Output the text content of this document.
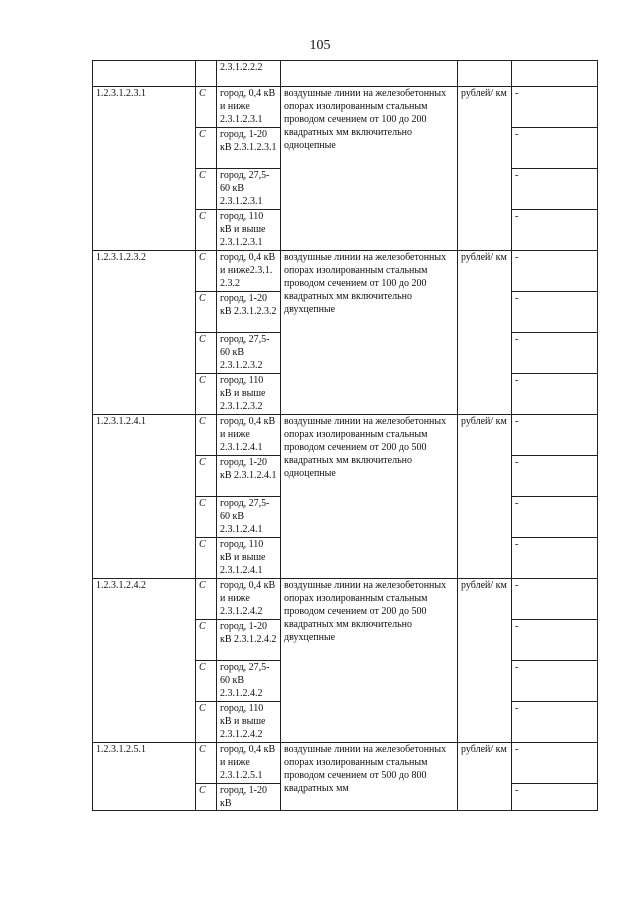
105
		2.3.1.2.2.2			
1.2.3.1.2.3.1	С	город, 0,4 кВ и ниже 2.3.1.2.3.1	воздушные линии на железобетонных опорах изолированным стальным проводом сечением от 100 до 200 квадратных мм включительно одноцепные	рублей/ км	-
	С	город, 1-20 кВ 2.3.1.2.3.1			-
	С	город, 27,5-60 кВ 2.3.1.2.3.1			-
	С	город, 110 кВ и выше 2.3.1.2.3.1			-
1.2.3.1.2.3.2	С	город, 0,4 кВ и ниже2.3.1. 2.3.2	воздушные линии на железобетонных опорах изолированным стальным проводом сечением от 100 до 200 квадратных мм включительно двухцепные	рублей/ км	-
	С	город, 1-20 кВ 2.3.1.2.3.2			-
	С	город, 27,5-60 кВ 2.3.1.2.3.2			-
	С	город, 110 кВ и выше 2.3.1.2.3.2			-
1.2.3.1.2.4.1	С	город, 0,4 кВ и ниже 2.3.1.2.4.1	воздушные линии на железобетонных опорах изолированным стальным проводом сечением от 200 до 500 квадратных мм включительно одноцепные	рублей/ км	-
	С	город, 1-20 кВ 2.3.1.2.4.1			-
	С	город, 27,5-60 кВ 2.3.1.2.4.1			-
	С	город, 110 кВ и выше 2.3.1.2.4.1			-
1.2.3.1.2.4.2	С	город, 0,4 кВ и ниже 2.3.1.2.4.2	воздушные линии на железобетонных опорах изолированным стальным проводом сечением от 200 до 500 квадратных мм включительно двухцепные	рублей/ км	-
	С	город, 1-20 кВ 2.3.1.2.4.2			-
	С	город, 27,5-60 кВ 2.3.1.2.4.2			-
	С	город, 110 кВ и выше 2.3.1.2.4.2			-
1.2.3.1.2.5.1	С	город, 0,4 кВ и ниже 2.3.1.2.5.1	воздушные линии на железобетонных опорах изолированным стальным проводом сечением от 500 до 800 квадратных мм	рублей/ км	-
	С	город, 1-20 кВ			-
